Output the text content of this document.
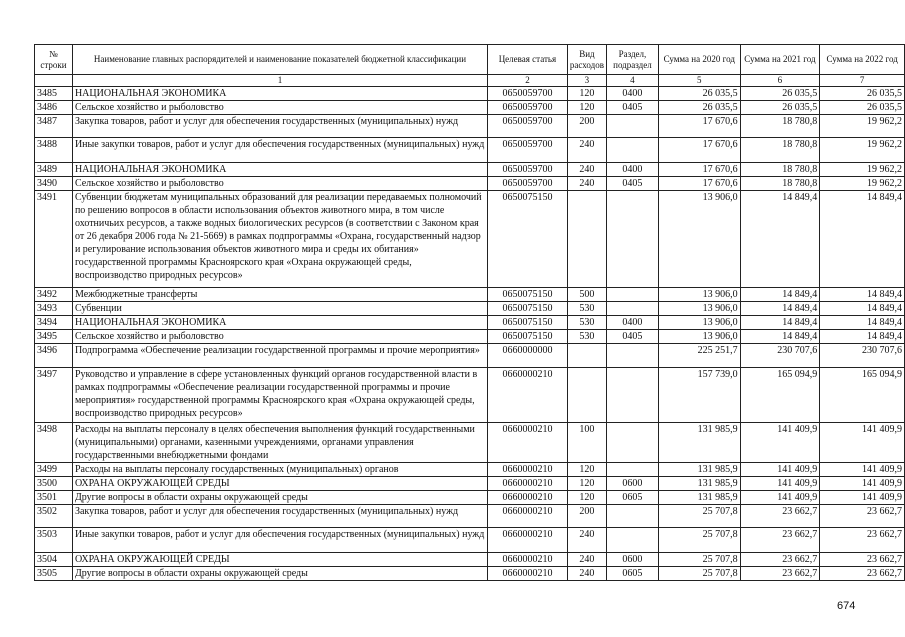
№ строки	Наименование главных распорядителей и наименование показателей бюджетной классификации	Целевая статья	Вид расходов	Раздел, подраздел	Сумма на 2020 год	Сумма на 2021 год	Сумма на 2022 год
	1	2	3	4	5	6	7
3485	НАЦИОНАЛЬНАЯ ЭКОНОМИКА	0650059700	120	0400	26 035,5	26 035,5	26 035,5
3486	Сельское хозяйство и рыболовство	0650059700	120	0405	26 035,5	26 035,5	26 035,5
3487	Закупка товаров, работ и услуг для обеспечения государственных (муниципальных) нужд	0650059700	200		17 670,6	18 780,8	19 962,2
3488	Иные закупки товаров, работ и услуг для обеспечения государственных (муниципальных) нужд	0650059700	240		17 670,6	18 780,8	19 962,2
3489	НАЦИОНАЛЬНАЯ ЭКОНОМИКА	0650059700	240	0400	17 670,6	18 780,8	19 962,2
3490	Сельское хозяйство и рыболовство	0650059700	240	0405	17 670,6	18 780,8	19 962,2
3491	Субвенции бюджетам муниципальных образований для реализации передаваемых полномочий по решению вопросов в области использования объектов животного мира, в том числе охотничьих ресурсов, а также водных биологических ресурсов (в соответствии с Законом края от 26 декабря 2006 года № 21-5669) в рамках подпрограммы «Охрана, государственный надзор и регулирование использования объектов животного мира и среды их обитания» государственной программы Красноярского края «Охрана окружающей среды, воспроизводство природных ресурсов»	0650075150			13 906,0	14 849,4	14 849,4
3492	Межбюджетные трансферты	0650075150	500		13 906,0	14 849,4	14 849,4
3493	Субвенции	0650075150	530		13 906,0	14 849,4	14 849,4
3494	НАЦИОНАЛЬНАЯ ЭКОНОМИКА	0650075150	530	0400	13 906,0	14 849,4	14 849,4
3495	Сельское хозяйство и рыболовство	0650075150	530	0405	13 906,0	14 849,4	14 849,4
3496	Подпрограмма «Обеспечение реализации государственной программы и прочие мероприятия»	0660000000			225 251,7	230 707,6	230 707,6
3497	Руководство и управление в сфере установленных функций органов государственной власти в рамках подпрограммы «Обеспечение реализации государственной программы и прочие мероприятия» государственной программы Красноярского края «Охрана окружающей среды, воспроизводство природных ресурсов»	0660000210			157 739,0	165 094,9	165 094,9
3498	Расходы на выплаты персоналу в целях обеспечения выполнения функций государственными (муниципальными) органами, казенными учреждениями, органами управления государственными внебюджетными фондами	0660000210	100		131 985,9	141 409,9	141 409,9
3499	Расходы на выплаты персоналу государственных (муниципальных) органов	0660000210	120		131 985,9	141 409,9	141 409,9
3500	ОХРАНА ОКРУЖАЮЩЕЙ СРЕДЫ	0660000210	120	0600	131 985,9	141 409,9	141 409,9
3501	Другие вопросы в области охраны окружающей среды	0660000210	120	0605	131 985,9	141 409,9	141 409,9
3502	Закупка товаров, работ и услуг для обеспечения государственных (муниципальных) нужд	0660000210	200		25 707,8	23 662,7	23 662,7
3503	Иные закупки товаров, работ и услуг для обеспечения государственных (муниципальных) нужд	0660000210	240		25 707,8	23 662,7	23 662,7
3504	ОХРАНА ОКРУЖАЮЩЕЙ СРЕДЫ	0660000210	240	0600	25 707,8	23 662,7	23 662,7
3505	Другие вопросы в области охраны окружающей среды	0660000210	240	0605	25 707,8	23 662,7	23 662,7
674
